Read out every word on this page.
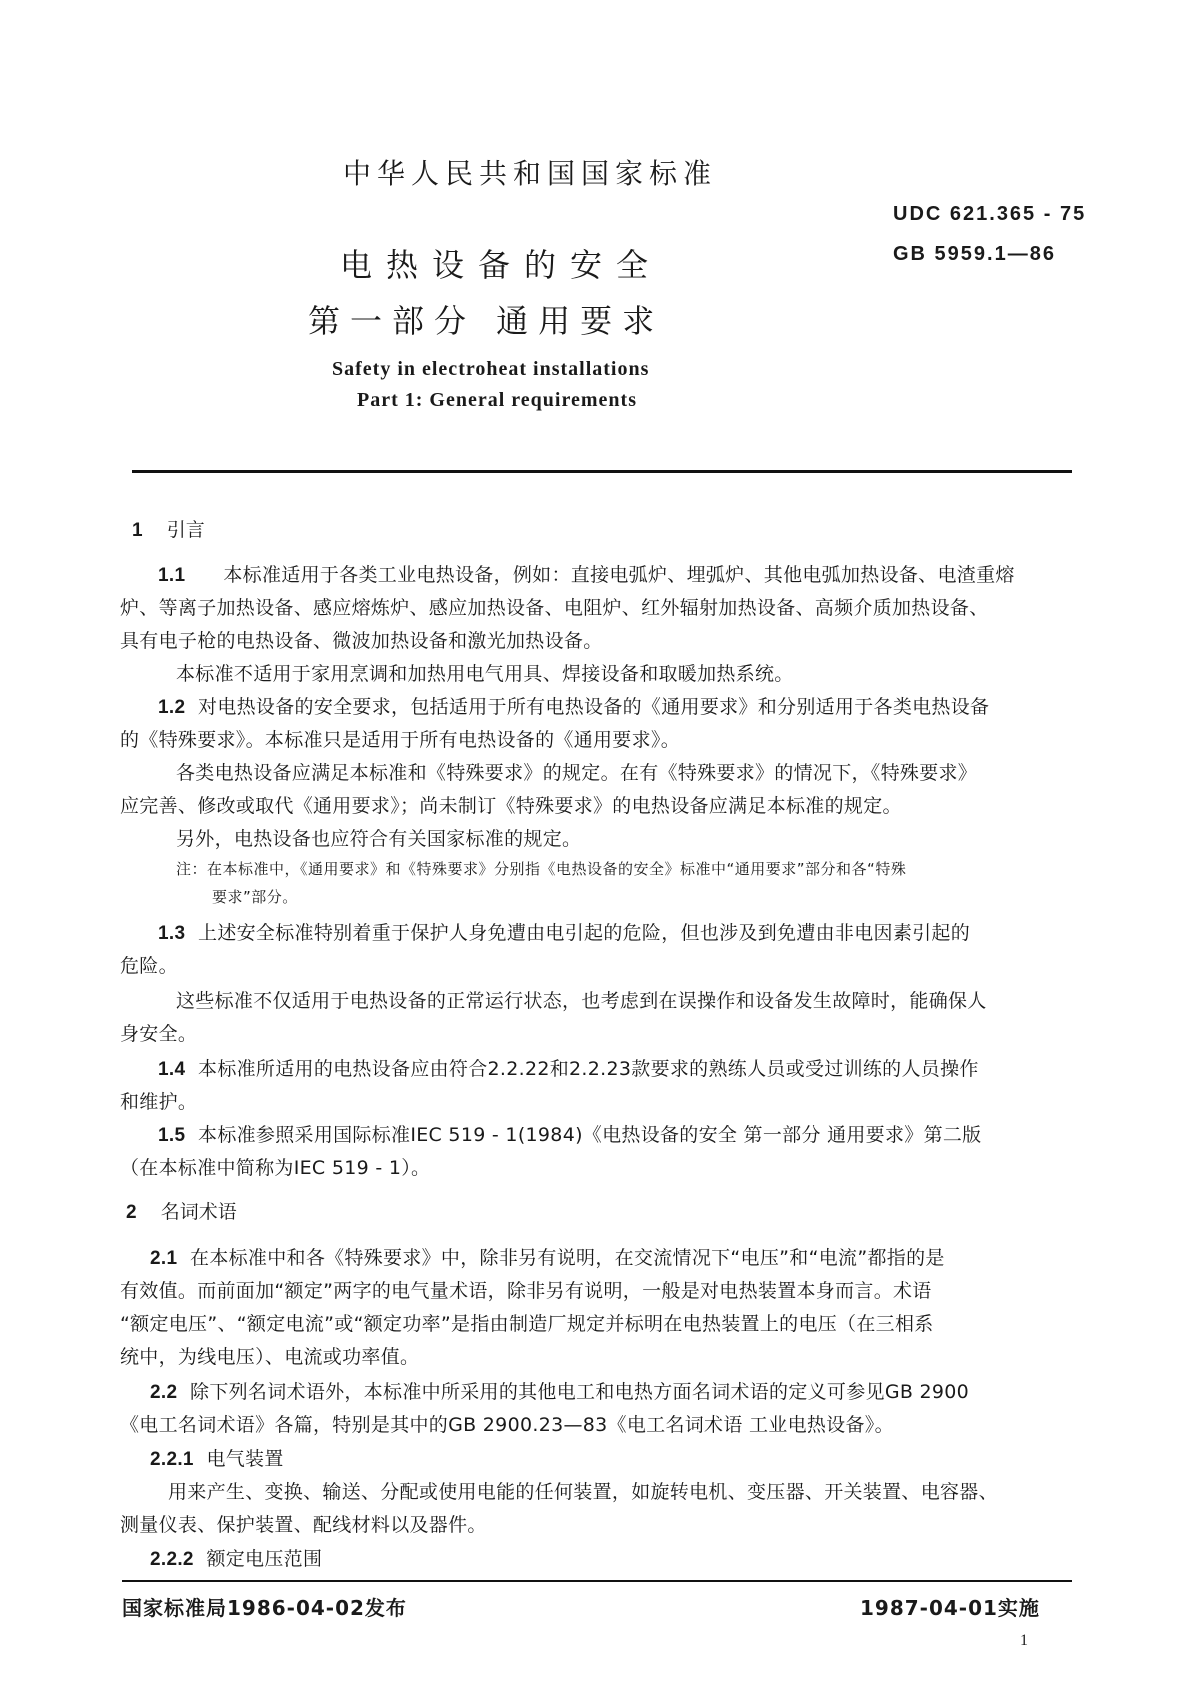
中华人民共和国国家标准
UDC 621.365 - 75
电热设备的安全	GB 5959.1—86
第一部分 通用要求
Safety in electroheat installations
Part 1: General requirements
1 引言
1.1 本标准适用于各类工业电热设备，例如：直接电弧炉、埋弧炉、其他电弧加热设备、电渣重熔
炉、等离子加热设备、感应熔炼炉、感应加热设备、电阻炉、红外辐射加热设备、高频介质加热设备、
具有电子枪的电热设备、微波加热设备和激光加热设备。
本标准不适用于家用烹调和加热用电气用具、焊接设备和取暖加热系统。
1.2 对电热设备的安全要求，包括适用于所有电热设备的《通用要求》和分别适用于各类电热设备
的《特殊要求》。本标准只是适用于所有电热设备的《通用要求》。
各类电热设备应满足本标准和《特殊要求》的规定。在有《特殊要求》的情况下，《特殊要求》
应完善、修改或取代《通用要求》；尚未制订《特殊要求》的电热设备应满足本标准的规定。
另外，电热设备也应符合有关国家标准的规定。
注：在本标准中，《通用要求》和《特殊要求》分别指《电热设备的安全》标准中“通用要求”部分和各“特殊
要求”部分。
1.3 上述安全标准特别着重于保护人身免遭由电引起的危险，但也涉及到免遭由非电因素引起的
危险。
这些标准不仅适用于电热设备的正常运行状态，也考虑到在误操作和设备发生故障时，能确保人
身安全。
1.4 本标准所适用的电热设备应由符合2.2.22和2.2.23款要求的熟练人员或受过训练的人员操作
和维护。
1.5 本标准参照采用国际标准IEC 519 - 1(1984)《电热设备的安全 第一部分 通用要求》第二版
（在本标准中简称为IEC 519 - 1）。
2 名词术语
2.1 在本标准中和各《特殊要求》中，除非另有说明，在交流情况下“电压”和“电流”都指的是
有效值。而前面加“额定”两字的电气量术语，除非另有说明，一般是对电热装置本身而言。术语
“额定电压”、“额定电流”或“额定功率”是指由制造厂规定并标明在电热装置上的电压（在三相系
统中，为线电压）、电流或功率值。
2.2 除下列名词术语外，本标准中所采用的其他电工和电热方面名词术语的定义可参见GB 2900
《电工名词术语》各篇，特别是其中的GB 2900.23—83《电工名词术语 工业电热设备》。
2.2.1 电气装置
用来产生、变换、输送、分配或使用电能的任何装置，如旋转电机、变压器、开关装置、电容器、
测量仪表、保护装置、配线材料以及器件。
2.2.2 额定电压范围
国家标准局1986-04-02发布	1987-04-01实施
1
